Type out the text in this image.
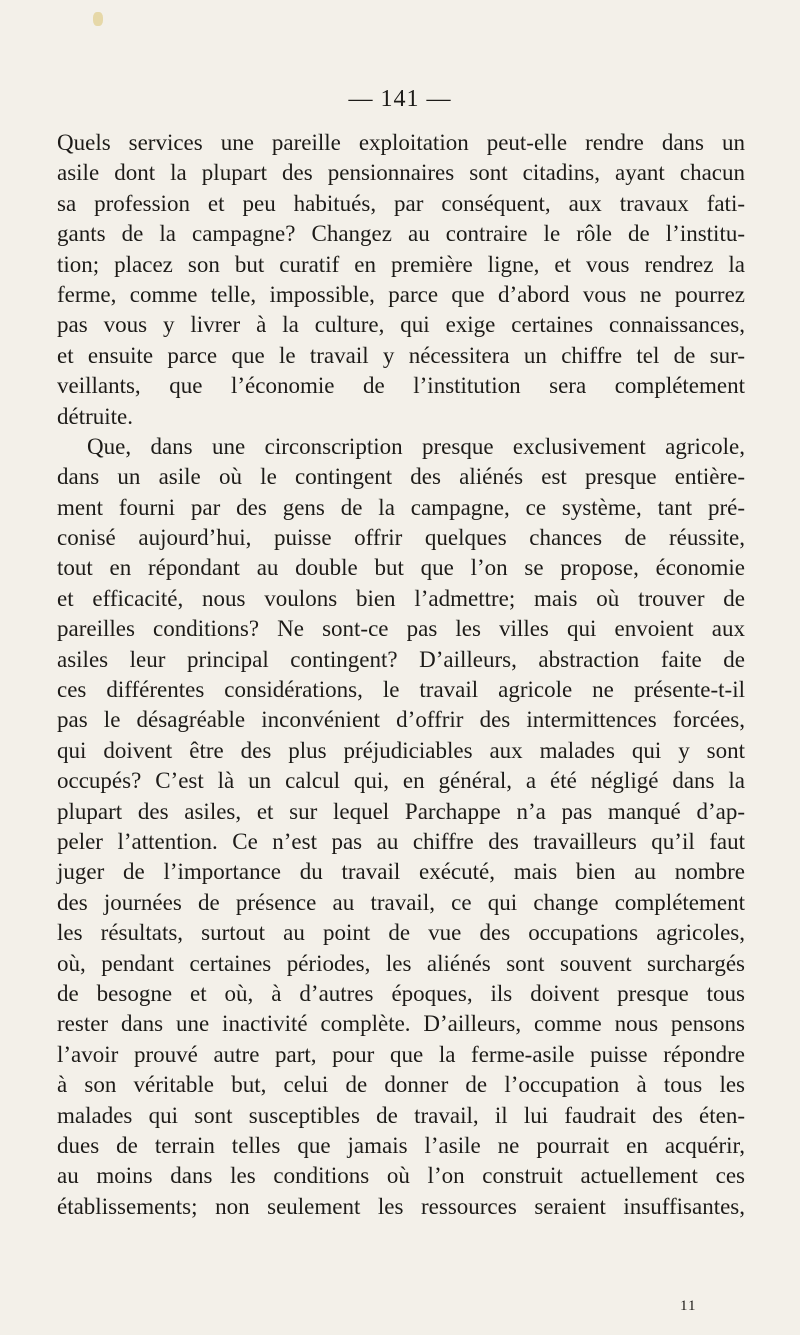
— 141 —
Quels services une pareille exploitation peut-elle rendre dans un
asile dont la plupart des pensionnaires sont citadins, ayant chacun
sa profession et peu habitués, par conséquent, aux travaux fati-
gants de la campagne? Changez au contraire le rôle de l’institu-
tion; placez son but curatif en première ligne, et vous rendrez la
ferme, comme telle, impossible, parce que d’abord vous ne pourrez
pas vous y livrer à la culture, qui exige certaines connaissances,
et ensuite parce que le travail y nécessitera un chiffre tel de sur-
veillants, que l’économie de l’institution sera complétement
détruite.
Que, dans une circonscription presque exclusivement agricole,
dans un asile où le contingent des aliénés est presque entière-
ment fourni par des gens de la campagne, ce système, tant pré-
conisé aujourd’hui, puisse offrir quelques chances de réussite,
tout en répondant au double but que l’on se propose, économie
et efficacité, nous voulons bien l’admettre; mais où trouver de
pareilles conditions? Ne sont-ce pas les villes qui envoient aux
asiles leur principal contingent? D’ailleurs, abstraction faite de
ces différentes considérations, le travail agricole ne présente-t-il
pas le désagréable inconvénient d’offrir des intermittences forcées,
qui doivent être des plus préjudiciables aux malades qui y sont
occupés? C’est là un calcul qui, en général, a été négligé dans la
plupart des asiles, et sur lequel Parchappe n’a pas manqué d’ap-
peler l’attention. Ce n’est pas au chiffre des travailleurs qu’il faut
juger de l’importance du travail exécuté, mais bien au nombre
des journées de présence au travail, ce qui change complétement
les résultats, surtout au point de vue des occupations agricoles,
où, pendant certaines périodes, les aliénés sont souvent surchargés
de besogne et où, à d’autres époques, ils doivent presque tous
rester dans une inactivité complète. D’ailleurs, comme nous pensons
l’avoir prouvé autre part, pour que la ferme-asile puisse répondre
à son véritable but, celui de donner de l’occupation à tous les
malades qui sont susceptibles de travail, il lui faudrait des éten-
dues de terrain telles que jamais l’asile ne pourrait en acquérir,
au moins dans les conditions où l’on construit actuellement ces
établissements; non seulement les ressources seraient insuffisantes,
11
